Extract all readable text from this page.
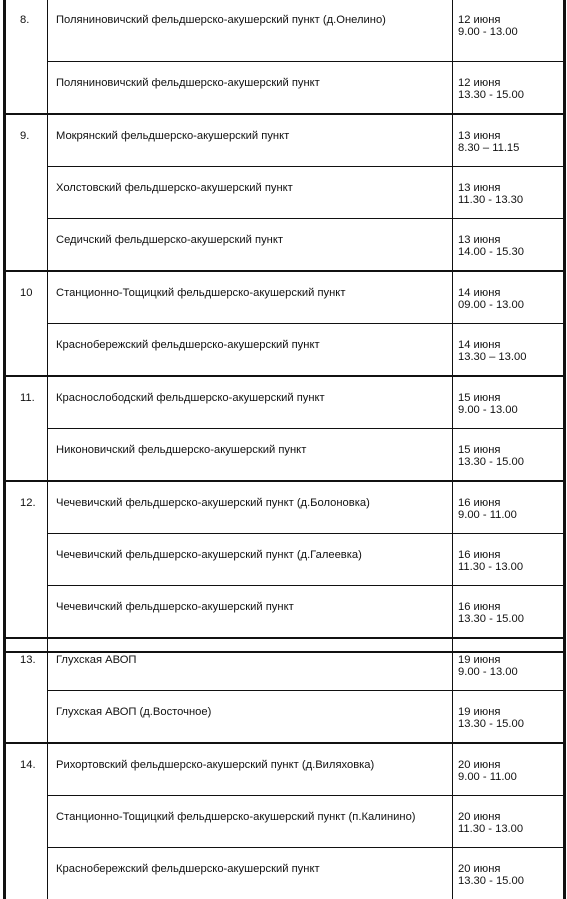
8.	Поляниновичский фельдшерско-акушерский пункт (д.Онелино)	12 июня
9.00 - 13.00

	Поляниновичский фельдшерско-акушерский пункт	12 июня
13.30 - 15.00

9.	Мокрянский фельдшерско-акушерский пункт	13 июня
8.30 – 11.15

	Холстовский фельдшерско-акушерский пункт	13 июня
11.30 - 13.30

	Седичский фельдшерско-акушерский пункт	13 июня
14.00 - 15.30

10	Станционно-Тощицкий фельдшерско-акушерский пункт	14 июня
09.00 - 13.00

	Краснобережский фельдшерско-акушерский пункт	14 июня
13.30 – 13.00

11.	Краснослободский фельдшерско-акушерский пункт	15 июня
9.00 - 13.00

	Никоновичский фельдшерско-акушерский пункт	15 июня
13.30 - 15.00

12.	Чечевичский фельдшерско-акушерский пункт (д.Болоновка)	16 июня
9.00 - 11.00

	Чечевичский фельдшерско-акушерский пункт (д.Галеевка)	16 июня
11.30 - 13.00

	Чечевичский фельдшерско-акушерский пункт	16 июня
13.30 - 15.00

13.	Глухская АВОП	19 июня
9.00 - 13.00

	Глухская АВОП (д.Восточное)	19 июня
13.30 - 15.00

14.	Рихортовский фельдшерско-акушерский пункт (д.Виляховка)	20 июня
9.00 - 11.00

	Станционно-Тощицкий фельдшерско-акушерский пункт (п.Калинино)	20 июня
11.30 - 13.00

	Краснобережский фельдшерско-акушерский пункт	20 июня
13.30 - 15.00
